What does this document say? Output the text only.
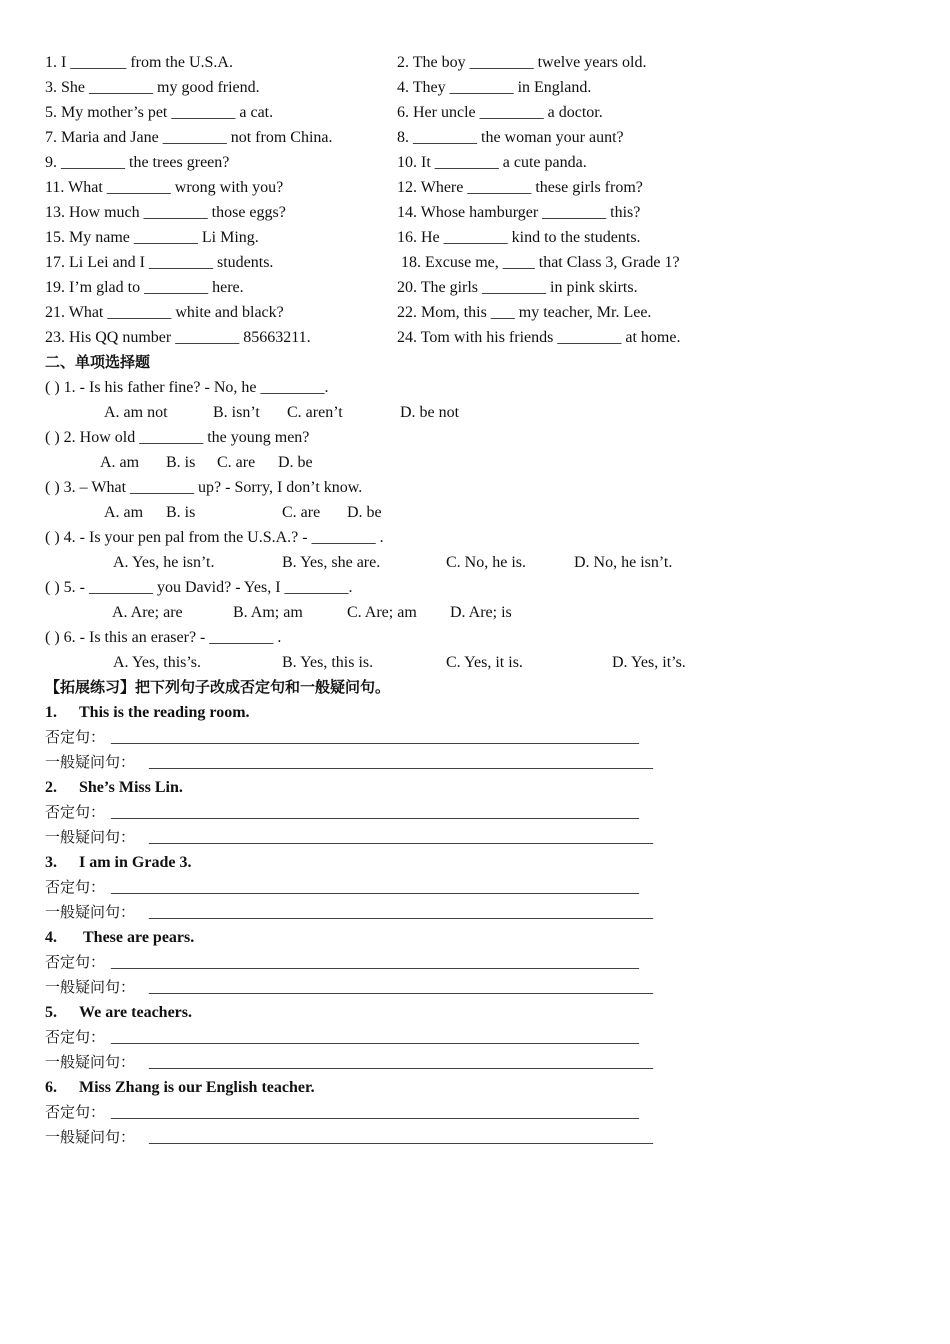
1. I _______ from the U.S.A.	2. The boy ________ twelve years old.
3. She ________ my good friend.	4. They ________ in England.
5. My mother’s pet ________ a cat.	6. Her uncle ________ a doctor.
7. Maria and Jane ________ not from China.	8. ________ the woman your aunt?
9. ________ the trees green?	10. It ________ a cute panda.
11. What ________ wrong with you?	12. Where ________ these girls from?
13. How much ________ those eggs?	14. Whose hamburger ________ this?
15. My name ________ Li Ming.	16. He ________ kind to the students.
17. Li Lei and I ________ students.	18. Excuse me, ____ that Class 3, Grade 1?
19. I’m glad to ________ here.	20. The girls ________ in pink skirts.
21. What ________ white and black?	22. Mom, this ___ my teacher, Mr. Lee.
23. His QQ number ________ 85663211.	24. Tom with his friends ________ at home.
二、单项选择题
( ) 1. - Is his father fine? - No, he ________.
A. am not	B. isn’t C. aren’t	D. be not
( ) 2. How old ________ the young men?
A. am B. is C. are D. be
( ) 3. – What ________ up? - Sorry, I don’t know.
A. am B. is	C. are D. be
( ) 4. - Is your pen pal from the U.S.A.? - ________ .
A. Yes, he isn’t.	B. Yes, she are.	C. No, he is.	D. No, he isn’t.
( ) 5. - ________ you David? - Yes, I ________.
A. Are; are	B. Am; am	C. Are; am D. Are; is
( ) 6. - Is this an eraser? - ________ .
A. Yes, this’s.	B. Yes, this is.	C. Yes, it is.	D. Yes, it’s.
【拓展练习】把下列句子改成否定句和一般疑问句。
1. This is the reading room.
否定句： __________________________________________________________________
一般疑问句： _______________________________________________________________
2. She’s Miss Lin.
否定句： __________________________________________________________________
一般疑问句： _______________________________________________________________
3. I am in Grade 3.
否定句： __________________________________________________________________
一般疑问句： _______________________________________________________________
4. These are pears.
否定句： __________________________________________________________________
一般疑问句： _______________________________________________________________
5. We are teachers.
否定句： __________________________________________________________________
一般疑问句： _______________________________________________________________
6. Miss Zhang is our English teacher.
否定句： __________________________________________________________________
一般疑问句： _______________________________________________________________
